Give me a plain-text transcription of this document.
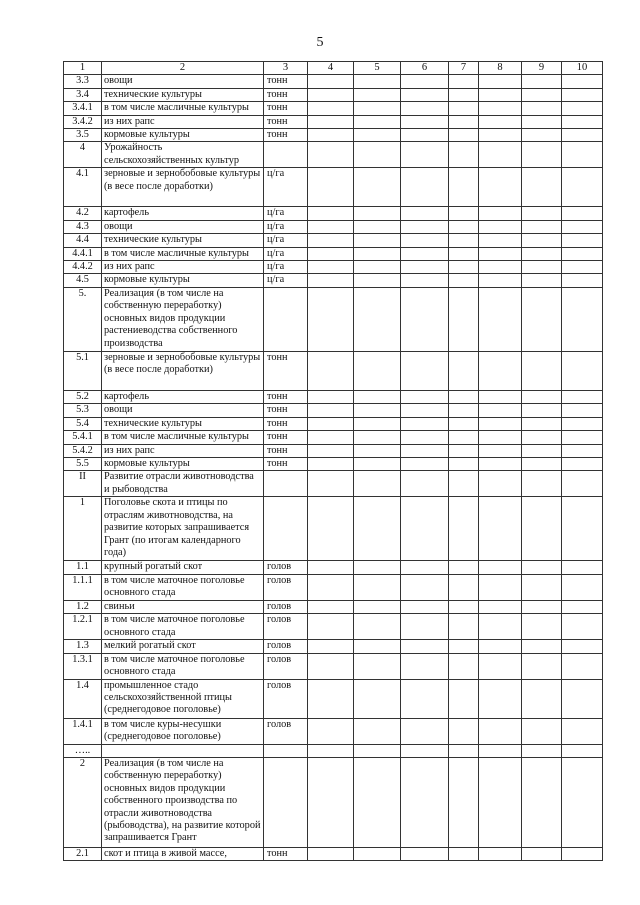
5
1	2	3	4	5	6	7	8	9	10
3.3	овощи	тонн							
3.4	технические культуры	тонн							
3.4.1	в том числе масличные культуры	тонн							
3.4.2	из них рапс	тонн							
3.5	кормовые культуры	тонн							
4	Урожайность сельскохозяйственных культур								
4.1	зерновые и зернобобовые культуры (в весе после доработки)	ц/га							
4.2	картофель	ц/га							
4.3	овощи	ц/га							
4.4	технические культуры	ц/га							
4.4.1	в том числе масличные культуры	ц/га							
4.4.2	из них рапс	ц/га							
4.5	кормовые культуры	ц/га							
5.	Реализация (в том числе на собственную переработку) основных видов продукции растениеводства собственного производства								
5.1	зерновые и зернобобовые культуры (в весе после доработки)	тонн							
5.2	картофель	тонн							
5.3	овощи	тонн							
5.4	технические культуры	тонн							
5.4.1	в том числе масличные культуры	тонн							
5.4.2	из них рапс	тонн							
5.5	кормовые культуры	тонн							
II	Развитие отрасли животноводства и рыбоводства								
1	Поголовье скота и птицы по отраслям животноводства, на развитие которых запрашивается Грант (по итогам календарного года)								
1.1	крупный рогатый скот	голов							
1.1.1	в том числе маточное поголовье основного стада	голов							
1.2	свиньи	голов							
1.2.1	в том числе маточное поголовье основного стада	голов							
1.3	мелкий рогатый скот	голов							
1.3.1	в том числе маточное поголовье основного стада	голов							
1.4	промышленное стадо сельскохозяйственной птицы (среднегодовое поголовье)	голов							
1.4.1	в том числе куры-несушки (среднегодовое поголовье)	голов							
…..									
2	Реализация (в том числе на собственную переработку) основных видов продукции собственного производства по отрасли животноводства (рыбоводства), на развитие которой запрашивается Грант								
2.1	скот и птица в живой массе,	тонн							
